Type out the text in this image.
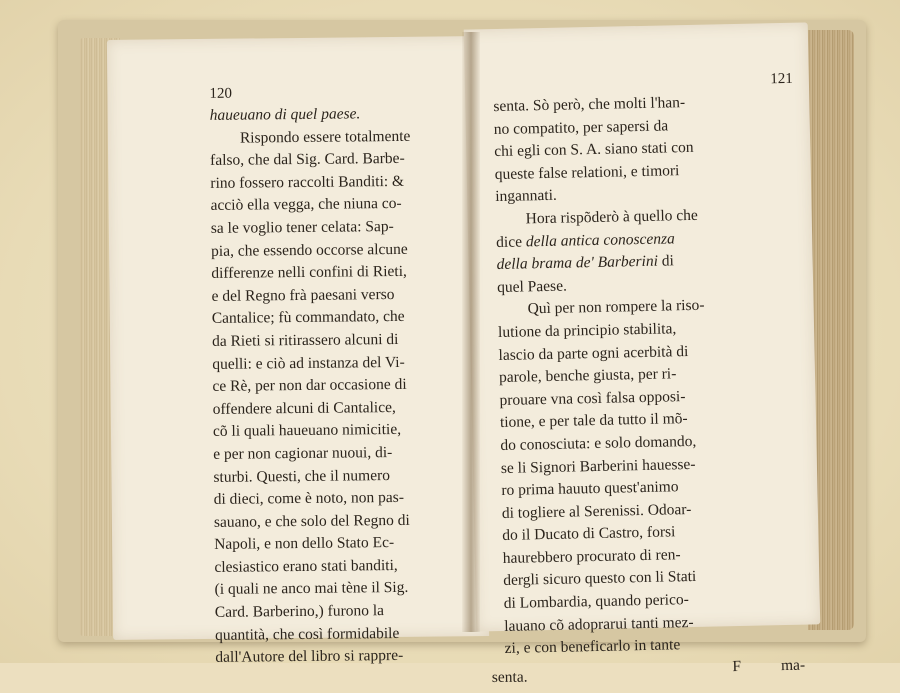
120
haueuano di quel paese.
Rispondo essere totalmente
falso, che dal Sig. Card. Barbe-
rino fossero raccolti Banditi: &
acciò ella vegga, che niuna co-
sa le voglio tener celata: Sap-
pia, che essendo occorse alcune
differenze nelli confini di Rieti,
e del Regno frà paesani verso
Cantalice; fù commandato, che
da Rieti si ritirassero alcuni di
quelli: e ciò ad instanza del Vi-
ce Rè, per non dar occasione di
offendere alcuni di Cantalice,
cõ li quali haueuano nimicitie,
e per non cagionar nuoui, di-
sturbi. Questi, che il numero
di dieci, come è noto, non pas-
sauano, e che solo del Regno di
Napoli, e non dello Stato Ec-
clesiastico erano stati banditi,
(i quali ne anco mai tène il Sig.
Card. Barberino,) furono la
quantità, che così formidabile
dall'Autore del libro si rappre-
senta.
121
senta. Sò però, che molti l'han-
no compatito, per sapersi da
chi egli con S. A. siano stati con
queste false relationi, e timori
ingannati.
Hora rispõderò à quello che
dice della antica conoscenza
della brama de' Barberini di
quel Paese.
Quì per non rompere la riso-
lutione da principio stabilita,
lascio da parte ogni acerbità di
parole, benche giusta, per ri-
prouare vna così falsa opposi-
tione, e per tale da tutto il mõ-
do conosciuta: e solo domando,
se li Signori Barberini hauesse-
ro prima hauuto quest'animo
di togliere al Serenissi. Odoar-
do il Ducato di Castro, forsi
haurebbero procurato di ren-
dergli sicuro questo con li Stati
di Lombardia, quando perico-
lauano cõ adoprarui tanti mez-
zi, e con beneficarlo in tante
F	ma-
